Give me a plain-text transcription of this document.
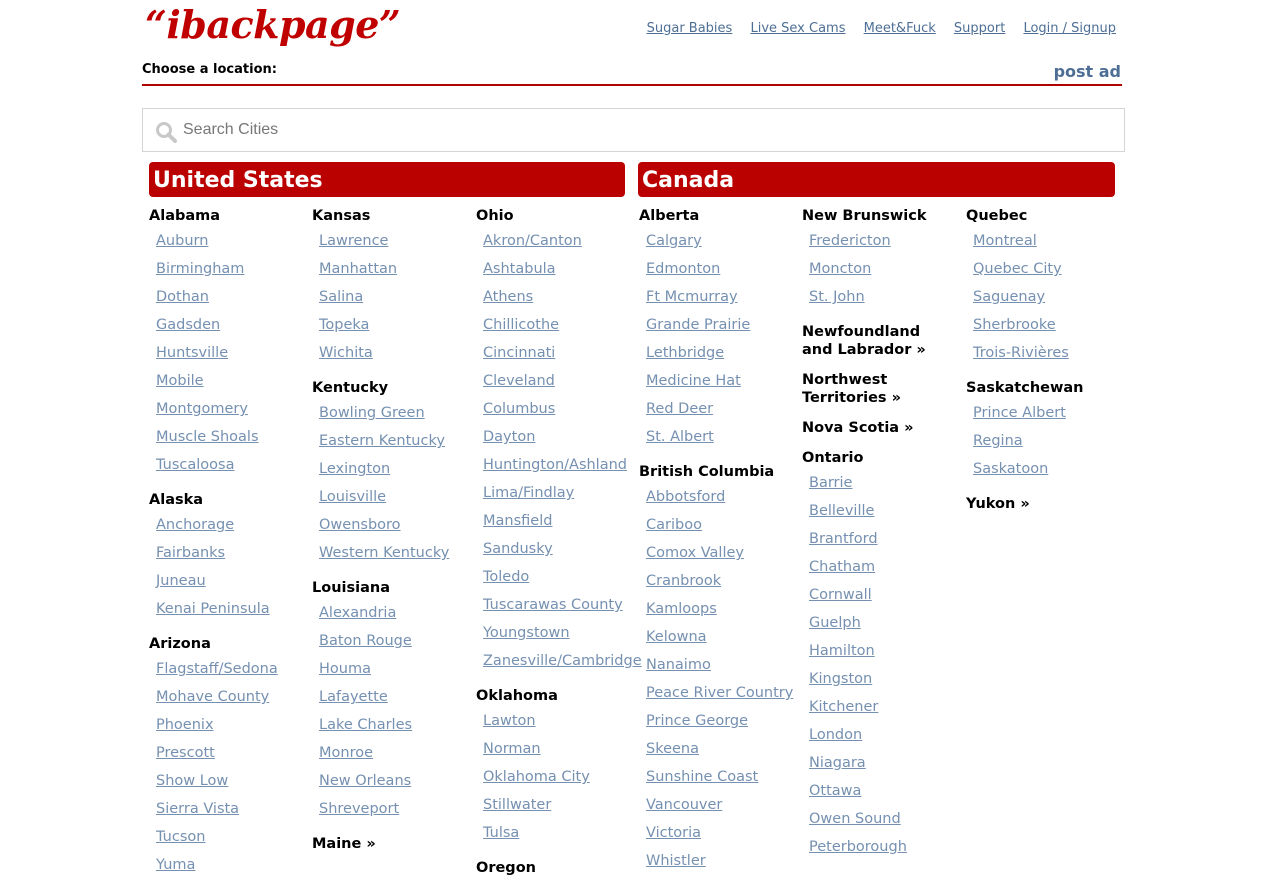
“ibackpage”	Sugar Babies Live Sex Cams Meet&Fuck Support Login / Signup
Choose a location:	post ad
Search Cities
United States	Canada
Alabama
Auburn
Birmingham
Dothan
Gadsden
Huntsville
Mobile
Montgomery
Muscle Shoals
Tuscaloosa
Alaska
Anchorage
Fairbanks
Juneau
Kenai Peninsula
Arizona
Flagstaff/Sedona
Mohave County
Phoenix
Prescott
Show Low
Sierra Vista
Tucson
Yuma
Kansas
Lawrence
Manhattan
Salina
Topeka
Wichita
Kentucky
Bowling Green
Eastern Kentucky
Lexington
Louisville
Owensboro
Western Kentucky
Louisiana
Alexandria
Baton Rouge
Houma
Lafayette
Lake Charles
Monroe
New Orleans
Shreveport
Maine »
Ohio
Akron/Canton
Ashtabula
Athens
Chillicothe
Cincinnati
Cleveland
Columbus
Dayton
Huntington/Ashland
Lima/Findlay
Mansfield
Sandusky
Toledo
Tuscarawas County
Youngstown
Zanesville/Cambridge
Oklahoma
Lawton
Norman
Oklahoma City
Stillwater
Tulsa
Oregon
Alberta
Calgary
Edmonton
Ft Mcmurray
Grande Prairie
Lethbridge
Medicine Hat
Red Deer
St. Albert
British Columbia
Abbotsford
Cariboo
Comox Valley
Cranbrook
Kamloops
Kelowna
Nanaimo
Peace River Country
Prince George
Skeena
Sunshine Coast
Vancouver
Victoria
Whistler
New Brunswick
Fredericton
Moncton
St. John
Newfoundland and Labrador »
Northwest Territories »
Nova Scotia »
Ontario
Barrie
Belleville
Brantford
Chatham
Cornwall
Guelph
Hamilton
Kingston
Kitchener
London
Niagara
Ottawa
Owen Sound
Peterborough
Quebec
Montreal
Quebec City
Saguenay
Sherbrooke
Trois-Rivières
Saskatchewan
Prince Albert
Regina
Saskatoon
Yukon »
